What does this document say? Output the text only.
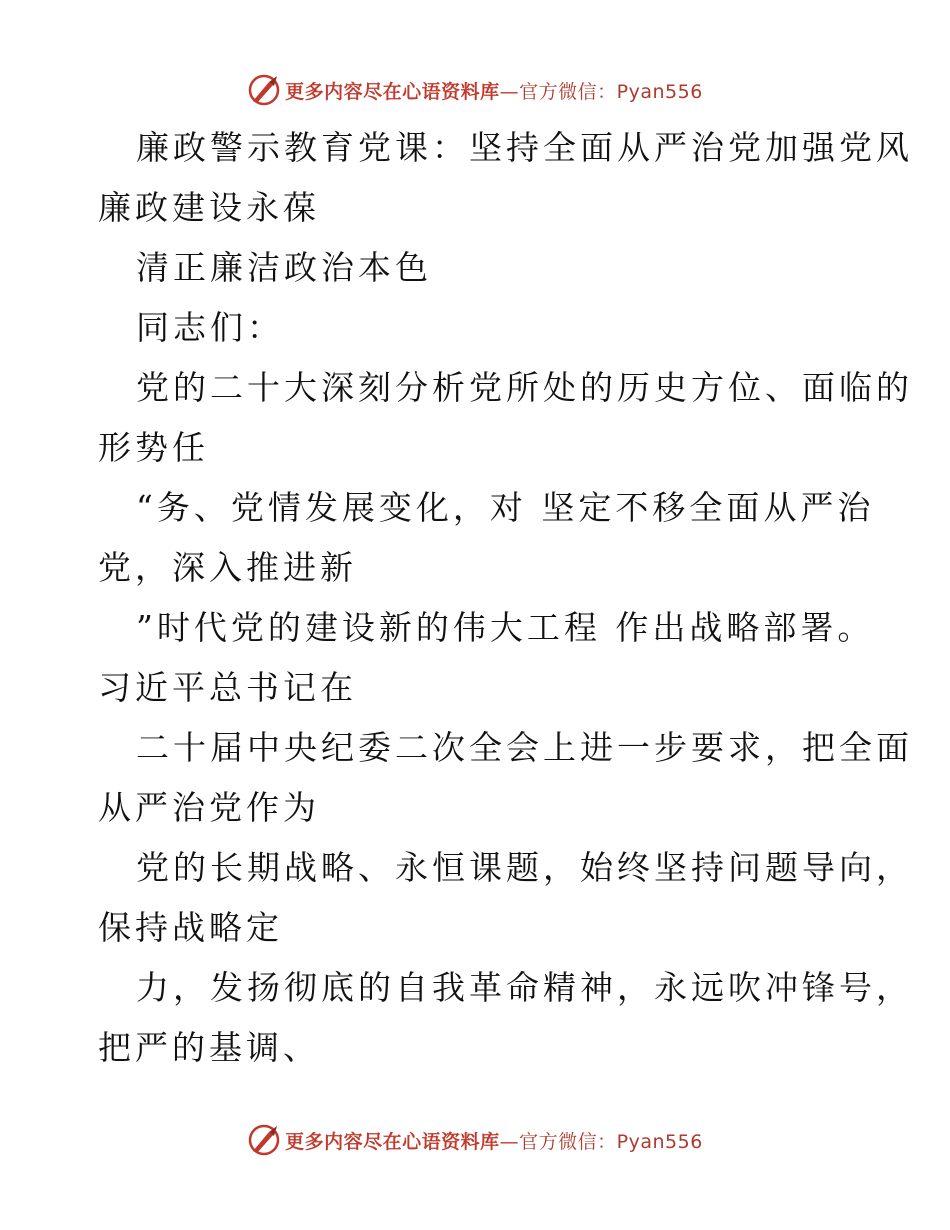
更多内容尽在心语资料库—官方微信：Pyan556
廉政警示教育党课：坚持全面从严治党加强党风
廉政建设永葆
清正廉洁政治本色
同志们：
党的二十大深刻分析党所处的历史方位、面临的
形势任
“务、党情发展变化，对 坚定不移全面从严治
党，深入推进新
”时代党的建设新的伟大工程 作出战略部署。
习近平总书记在
二十届中央纪委二次全会上进一步要求，把全面
从严治党作为
党的长期战略、永恒课题，始终坚持问题导向，
保持战略定
力，发扬彻底的自我革命精神，永远吹冲锋号，
把严的基调、
更多内容尽在心语资料库—官方微信：Pyan556
